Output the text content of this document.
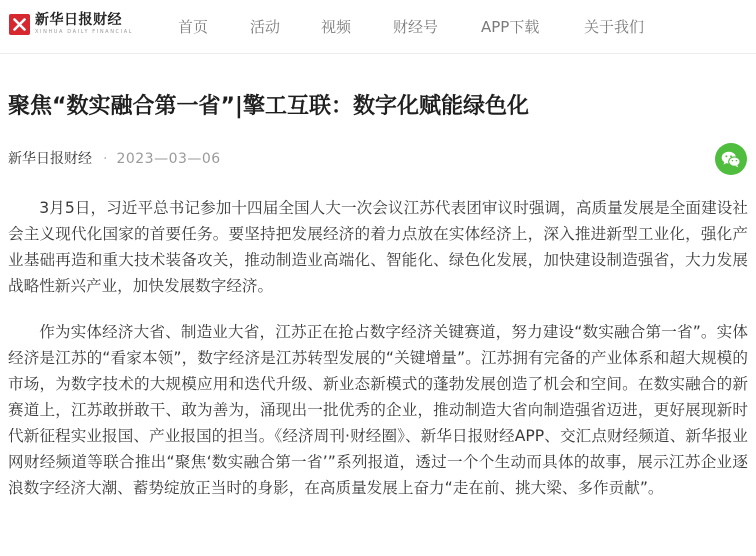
新华日报财经
XINHUA DAILY FINANCIAL	首页	活动	视频	财经号	APP下载	关于我们
聚焦“数实融合第一省”|擎工互联：数字化赋能绿色化
新华日报财经 · 2023—03—06

3月5日，习近平总书记参加十四届全国人大一次会议江苏代表团审议时强调，高质量发展是全面建设社会主义现代化国家的首要任务。要坚持把发展经济的着力点放在实体经济上，深入推进新型工业化，强化产业基础再造和重大技术装备攻关，推动制造业高端化、智能化、绿色化发展，加快建设制造强省，大力发展战略性新兴产业，加快发展数字经济。

作为实体经济大省、制造业大省，江苏正在抢占数字经济关键赛道，努力建设“数实融合第一省”。实体经济是江苏的“看家本领”，数字经济是江苏转型发展的“关键增量”。江苏拥有完备的产业体系和超大规模的市场，为数字技术的大规模应用和迭代升级、新业态新模式的蓬勃发展创造了机会和空间。在数实融合的新赛道上，江苏敢拼敢干、敢为善为，涌现出一批优秀的企业，推动制造大省向制造强省迈进，更好展现新时代新征程实业报国、产业报国的担当。《经济周刊·财经圈》、新华日报财经APP、交汇点财经频道、新华报业网财经频道等联合推出“聚焦‘数实融合第一省’”系列报道，透过一个个生动而具体的故事，展示江苏企业逐浪数字经济大潮、蓄势绽放正当时的身影，在高质量发展上奋力“走在前、挑大梁、多作贡献”。
